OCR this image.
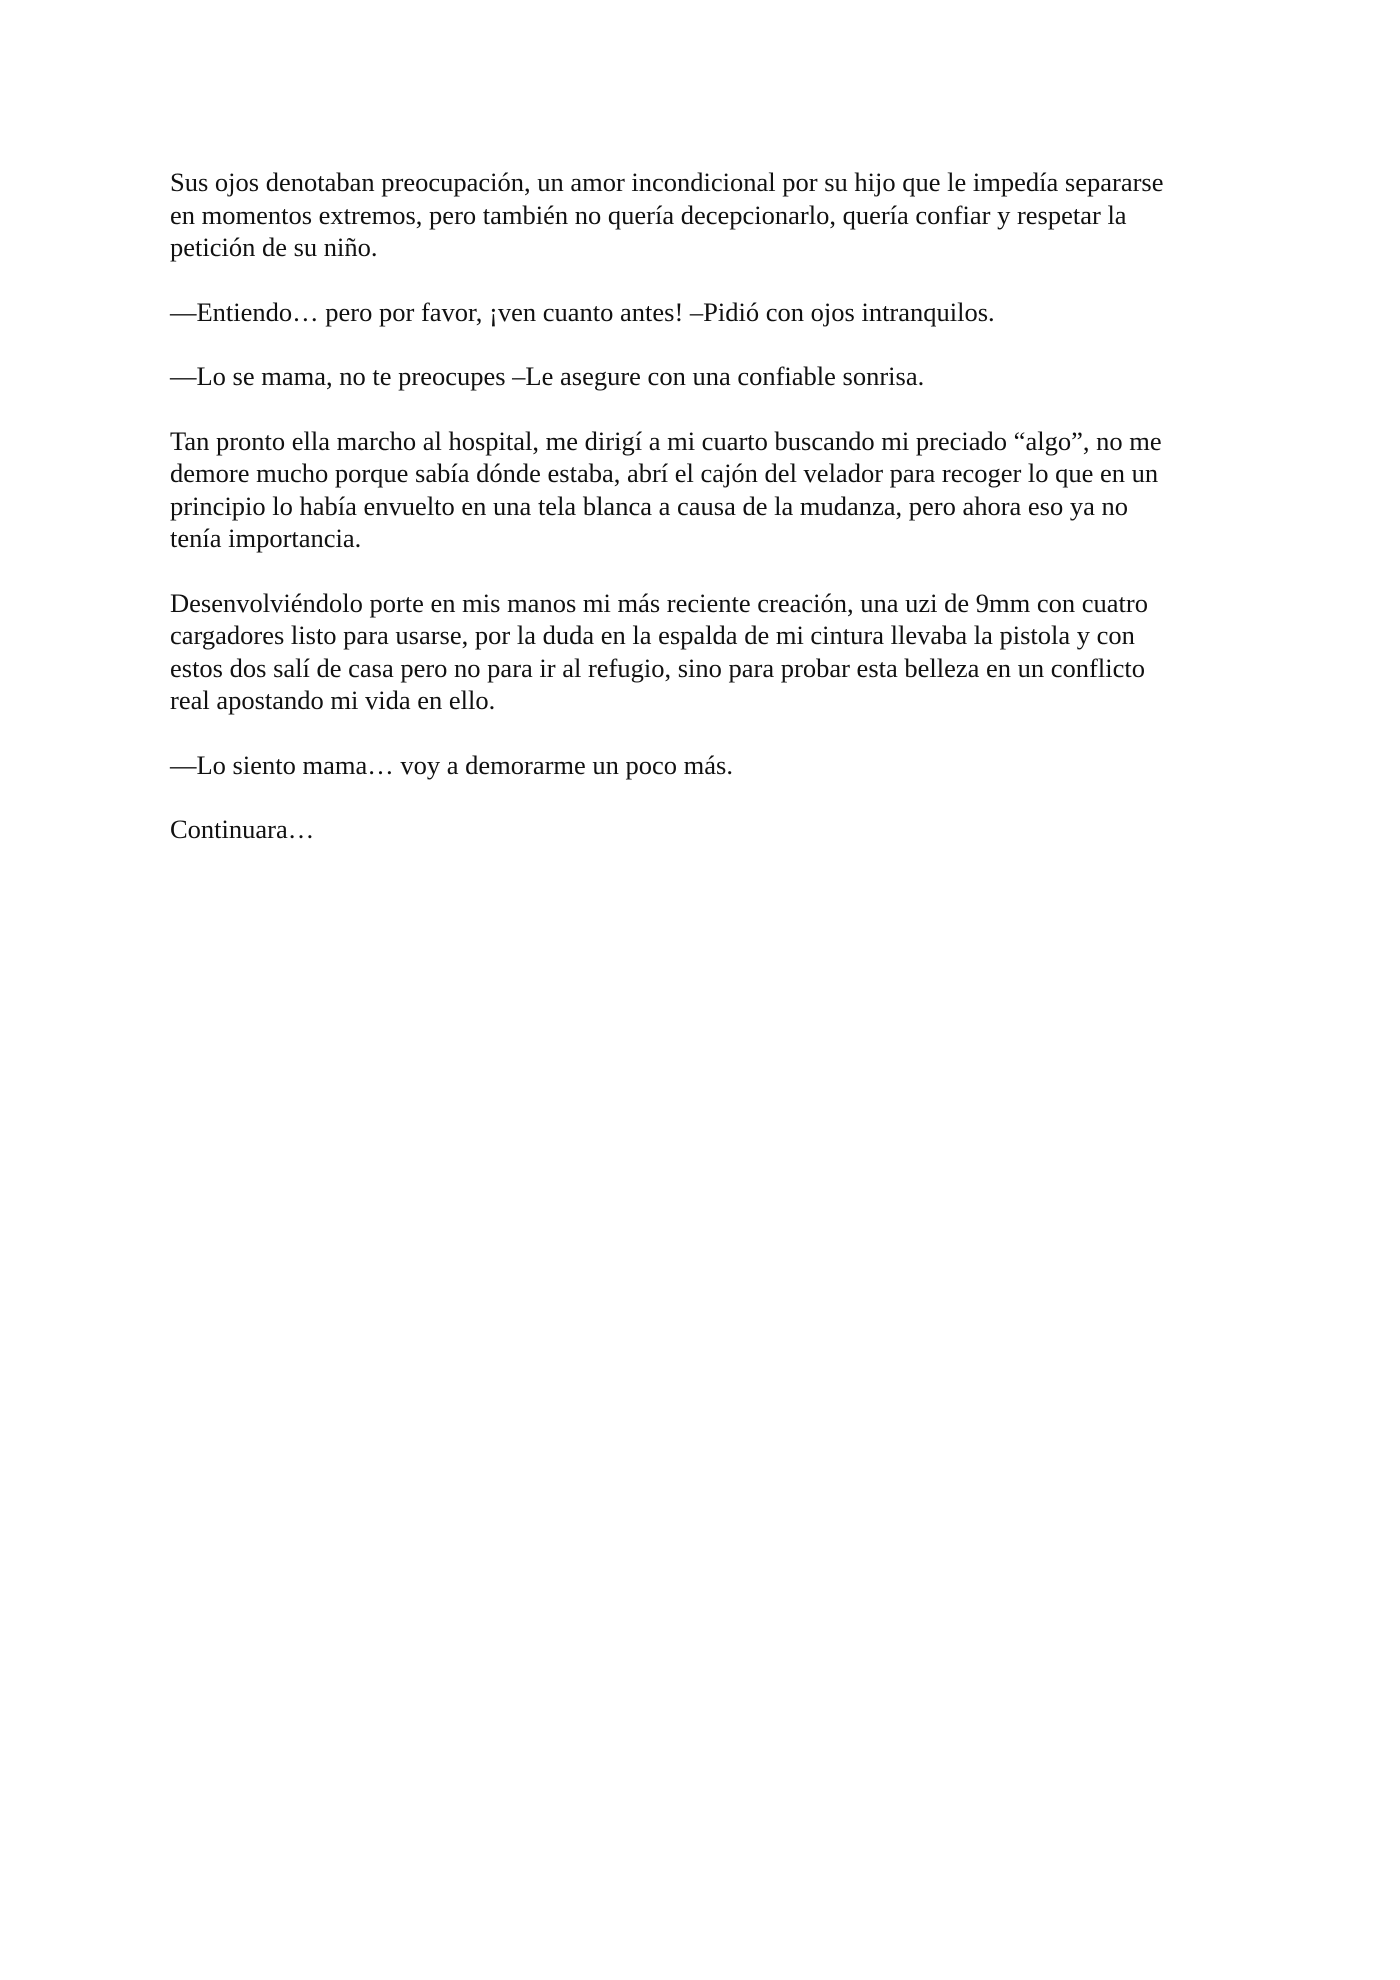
Sus ojos denotaban preocupación, un amor incondicional por su hijo que le impedía separarse
en momentos extremos, pero también no quería decepcionarlo, quería confiar y respetar la
petición de su niño.

—Entiendo… pero por favor, ¡ven cuanto antes! –Pidió con ojos intranquilos.

—Lo se mama, no te preocupes –Le asegure con una confiable sonrisa.

Tan pronto ella marcho al hospital, me dirigí a mi cuarto buscando mi preciado “algo”, no me
demore mucho porque sabía dónde estaba, abrí el cajón del velador para recoger lo que en un
principio lo había envuelto en una tela blanca a causa de la mudanza, pero ahora eso ya no
tenía importancia.

Desenvolviéndolo porte en mis manos mi más reciente creación, una uzi de 9mm con cuatro
cargadores listo para usarse, por la duda en la espalda de mi cintura llevaba la pistola y con
estos dos salí de casa pero no para ir al refugio, sino para probar esta belleza en un conflicto
real apostando mi vida en ello.

—Lo siento mama… voy a demorarme un poco más.

Continuara…
